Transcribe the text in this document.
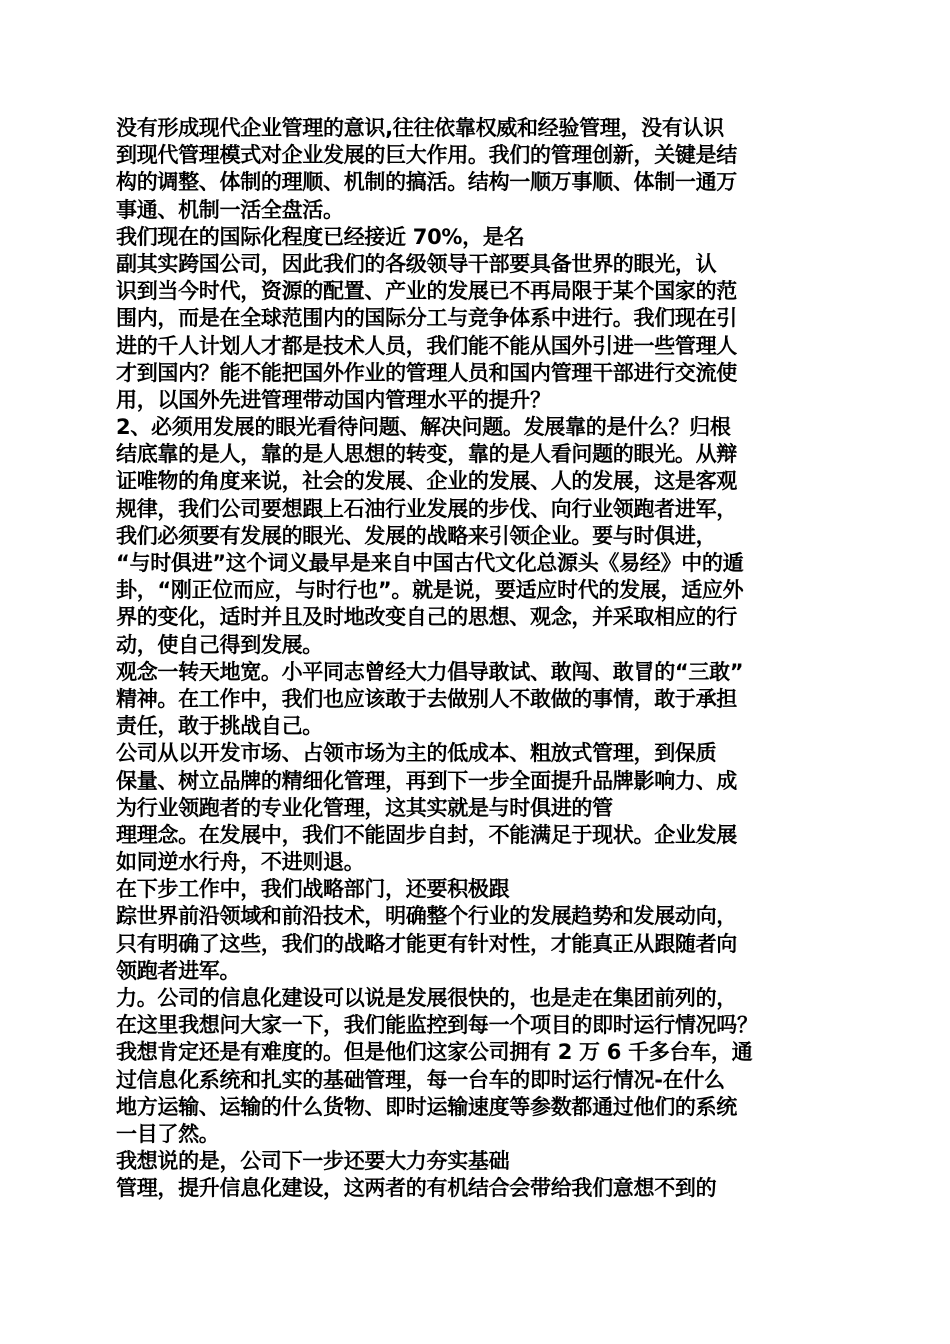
没有形成现代企业管理的意识,往往依靠权威和经验管理，没有认识
到现代管理模式对企业发展的巨大作用。我们的管理创新，关键是结
构的调整、体制的理顺、机制的搞活。结构一顺万事顺、体制一通万
事通、机制一活全盘活。
我们现在的国际化程度已经接近 70%，是名
副其实跨国公司，因此我们的各级领导干部要具备世界的眼光，认
识到当今时代，资源的配置、产业的发展已不再局限于某个国家的范
围内，而是在全球范围内的国际分工与竞争体系中进行。我们现在引
进的千人计划人才都是技术人员，我们能不能从国外引进一些管理人
才到国内？能不能把国外作业的管理人员和国内管理干部进行交流使
用，以国外先进管理带动国内管理水平的提升？
2、必须用发展的眼光看待问题、解决问题。发展靠的是什么？归根
结底靠的是人，靠的是人思想的转变，靠的是人看问题的眼光。从辩
证唯物的角度来说，社会的发展、企业的发展、人的发展，这是客观
规律，我们公司要想跟上石油行业发展的步伐、向行业领跑者进军，
我们必须要有发展的眼光、发展的战略来引领企业。要与时俱进，
“与时俱进”这个词义最早是来自中国古代文化总源头《易经》中的遁
卦，“刚正位而应，与时行也”。就是说，要适应时代的发展，适应外
界的变化，适时并且及时地改变自己的思想、观念，并采取相应的行
动，使自己得到发展。
观念一转天地宽。小平同志曾经大力倡导敢试、敢闯、敢冒的“三敢”
精神。在工作中，我们也应该敢于去做别人不敢做的事情，敢于承担
责任，敢于挑战自己。
公司从以开发市场、占领市场为主的低成本、粗放式管理，到保质
保量、树立品牌的精细化管理，再到下一步全面提升品牌影响力、成
为行业领跑者的专业化管理，这其实就是与时俱进的管
理理念。在发展中，我们不能固步自封，不能满足于现状。企业发展
如同逆水行舟，不进则退。
在下步工作中，我们战略部门，还要积极跟
踪世界前沿领域和前沿技术，明确整个行业的发展趋势和发展动向，
只有明确了这些，我们的战略才能更有针对性，才能真正从跟随者向
领跑者进军。
力。公司的信息化建设可以说是发展很快的，也是走在集团前列的，
在这里我想问大家一下，我们能监控到每一个项目的即时运行情况吗？
我想肯定还是有难度的。但是他们这家公司拥有 2 万 6 千多台车，通
过信息化系统和扎实的基础管理，每一台车的即时运行情况-在什么
地方运输、运输的什么货物、即时运输速度等参数都通过他们的系统
一目了然。
我想说的是，公司下一步还要大力夯实基础
管理，提升信息化建设，这两者的有机结合会带给我们意想不到的
